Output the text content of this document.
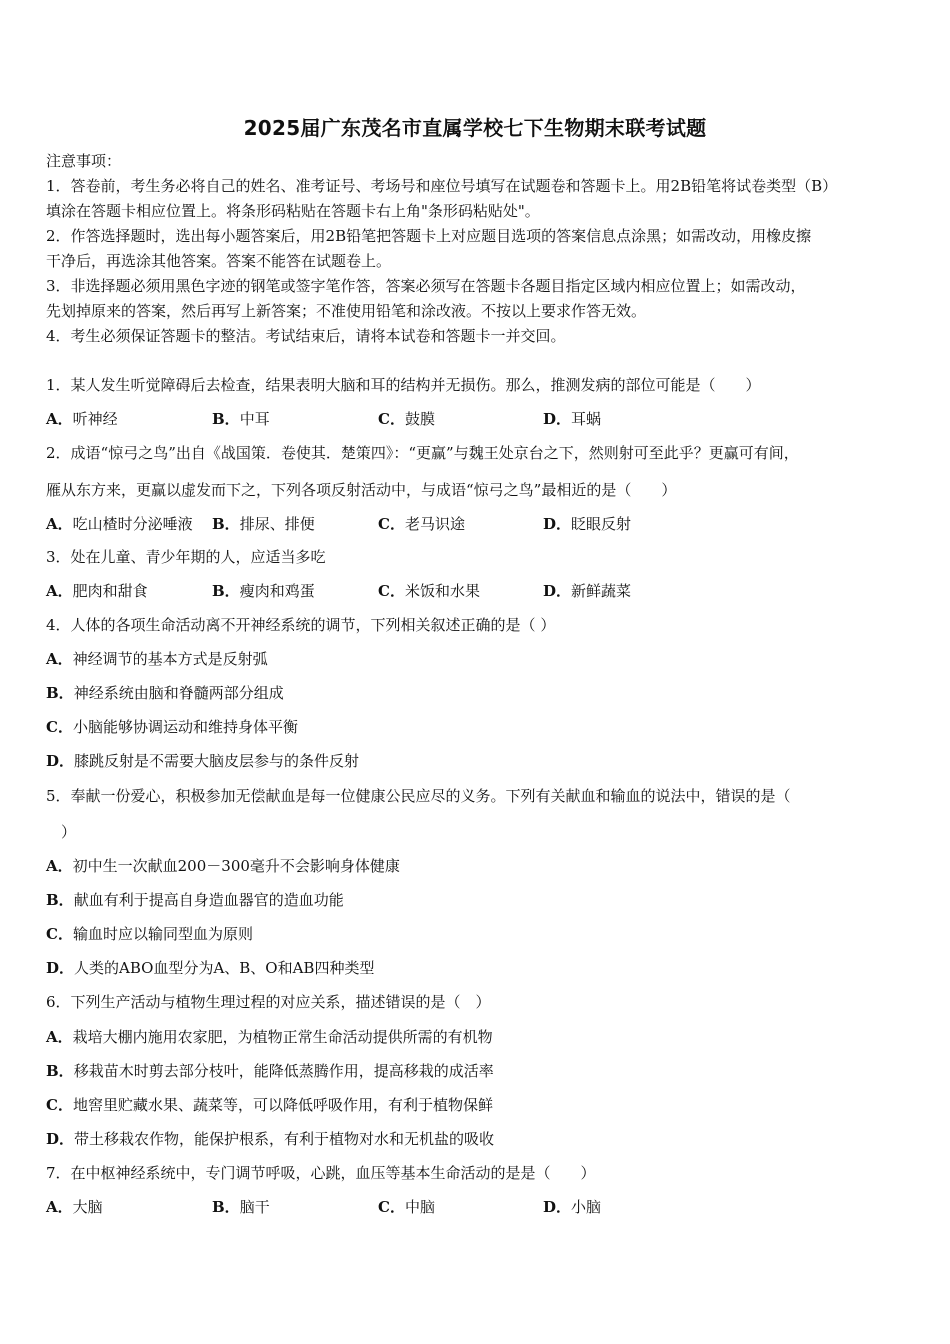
2025届广东茂名市直属学校七下生物期末联考试题
注意事项：
1．答卷前，考生务必将自己的姓名、准考证号、考场号和座位号填写在试题卷和答题卡上。用2B铅笔将试卷类型（B）
填涂在答题卡相应位置上。将条形码粘贴在答题卡右上角"条形码粘贴处"。
2．作答选择题时，选出每小题答案后，用2B铅笔把答题卡上对应题目选项的答案信息点涂黑；如需改动，用橡皮擦
干净后，再选涂其他答案。答案不能答在试题卷上。
3．非选择题必须用黑色字迹的钢笔或签字笔作答，答案必须写在答题卡各题目指定区域内相应位置上；如需改动，
先划掉原来的答案，然后再写上新答案；不准使用铅笔和涂改液。不按以上要求作答无效。
4．考生必须保证答题卡的整洁。考试结束后，请将本试卷和答题卡一并交回。
1．某人发生听觉障碍后去检查，结果表明大脑和耳的结构并无损伤。那么，推测发病的部位可能是（　　）
A．听神经	B．中耳	C．鼓膜	D．耳蜗
2．成语“惊弓之鸟”出自《战国策．卷使其．楚策四》：“更赢”与魏王处京台之下，然则射可至此乎？更赢可有间，
雁从东方来，更赢以虚发而下之，下列各项反射活动中，与成语“惊弓之鸟”最相近的是（　　）
A．吃山楂时分泌唾液 B．排尿、排便	C．老马识途	D．眨眼反射
3．处在儿童、青少年期的人，应适当多吃
A．肥肉和甜食	B．瘦肉和鸡蛋	C．米饭和水果	D．新鲜蔬菜
4．人体的各项生命活动离不开神经系统的调节，下列相关叙述正确的是（ ）
A．神经调节的基本方式是反射弧
B．神经系统由脑和脊髓两部分组成
C．小脑能够协调运动和维持身体平衡
D．膝跳反射是不需要大脑皮层参与的条件反射
5．奉献一份爱心，积极参加无偿献血是每一位健康公民应尽的义务。下列有关献血和输血的说法中，错误的是（
　）
A．初中生一次献血200－300毫升不会影响身体健康
B．献血有利于提高自身造血器官的造血功能
C．输血时应以输同型血为原则
D．人类的ABO血型分为A、B、O和AB四种类型
6．下列生产活动与植物生理过程的对应关系，描述错误的是（　）
A．栽培大棚内施用农家肥，为植物正常生命活动提供所需的有机物
B．移栽苗木时剪去部分枝叶，能降低蒸腾作用，提高移栽的成活率
C．地窖里贮藏水果、蔬菜等，可以降低呼吸作用，有利于植物保鲜
D．带土移栽农作物，能保护根系，有利于植物对水和无机盐的吸收
7．在中枢神经系统中，专门调节呼吸，心跳，血压等基本生命活动的是是（　　）
A．大脑	B．脑干	C．中脑	D．小脑
